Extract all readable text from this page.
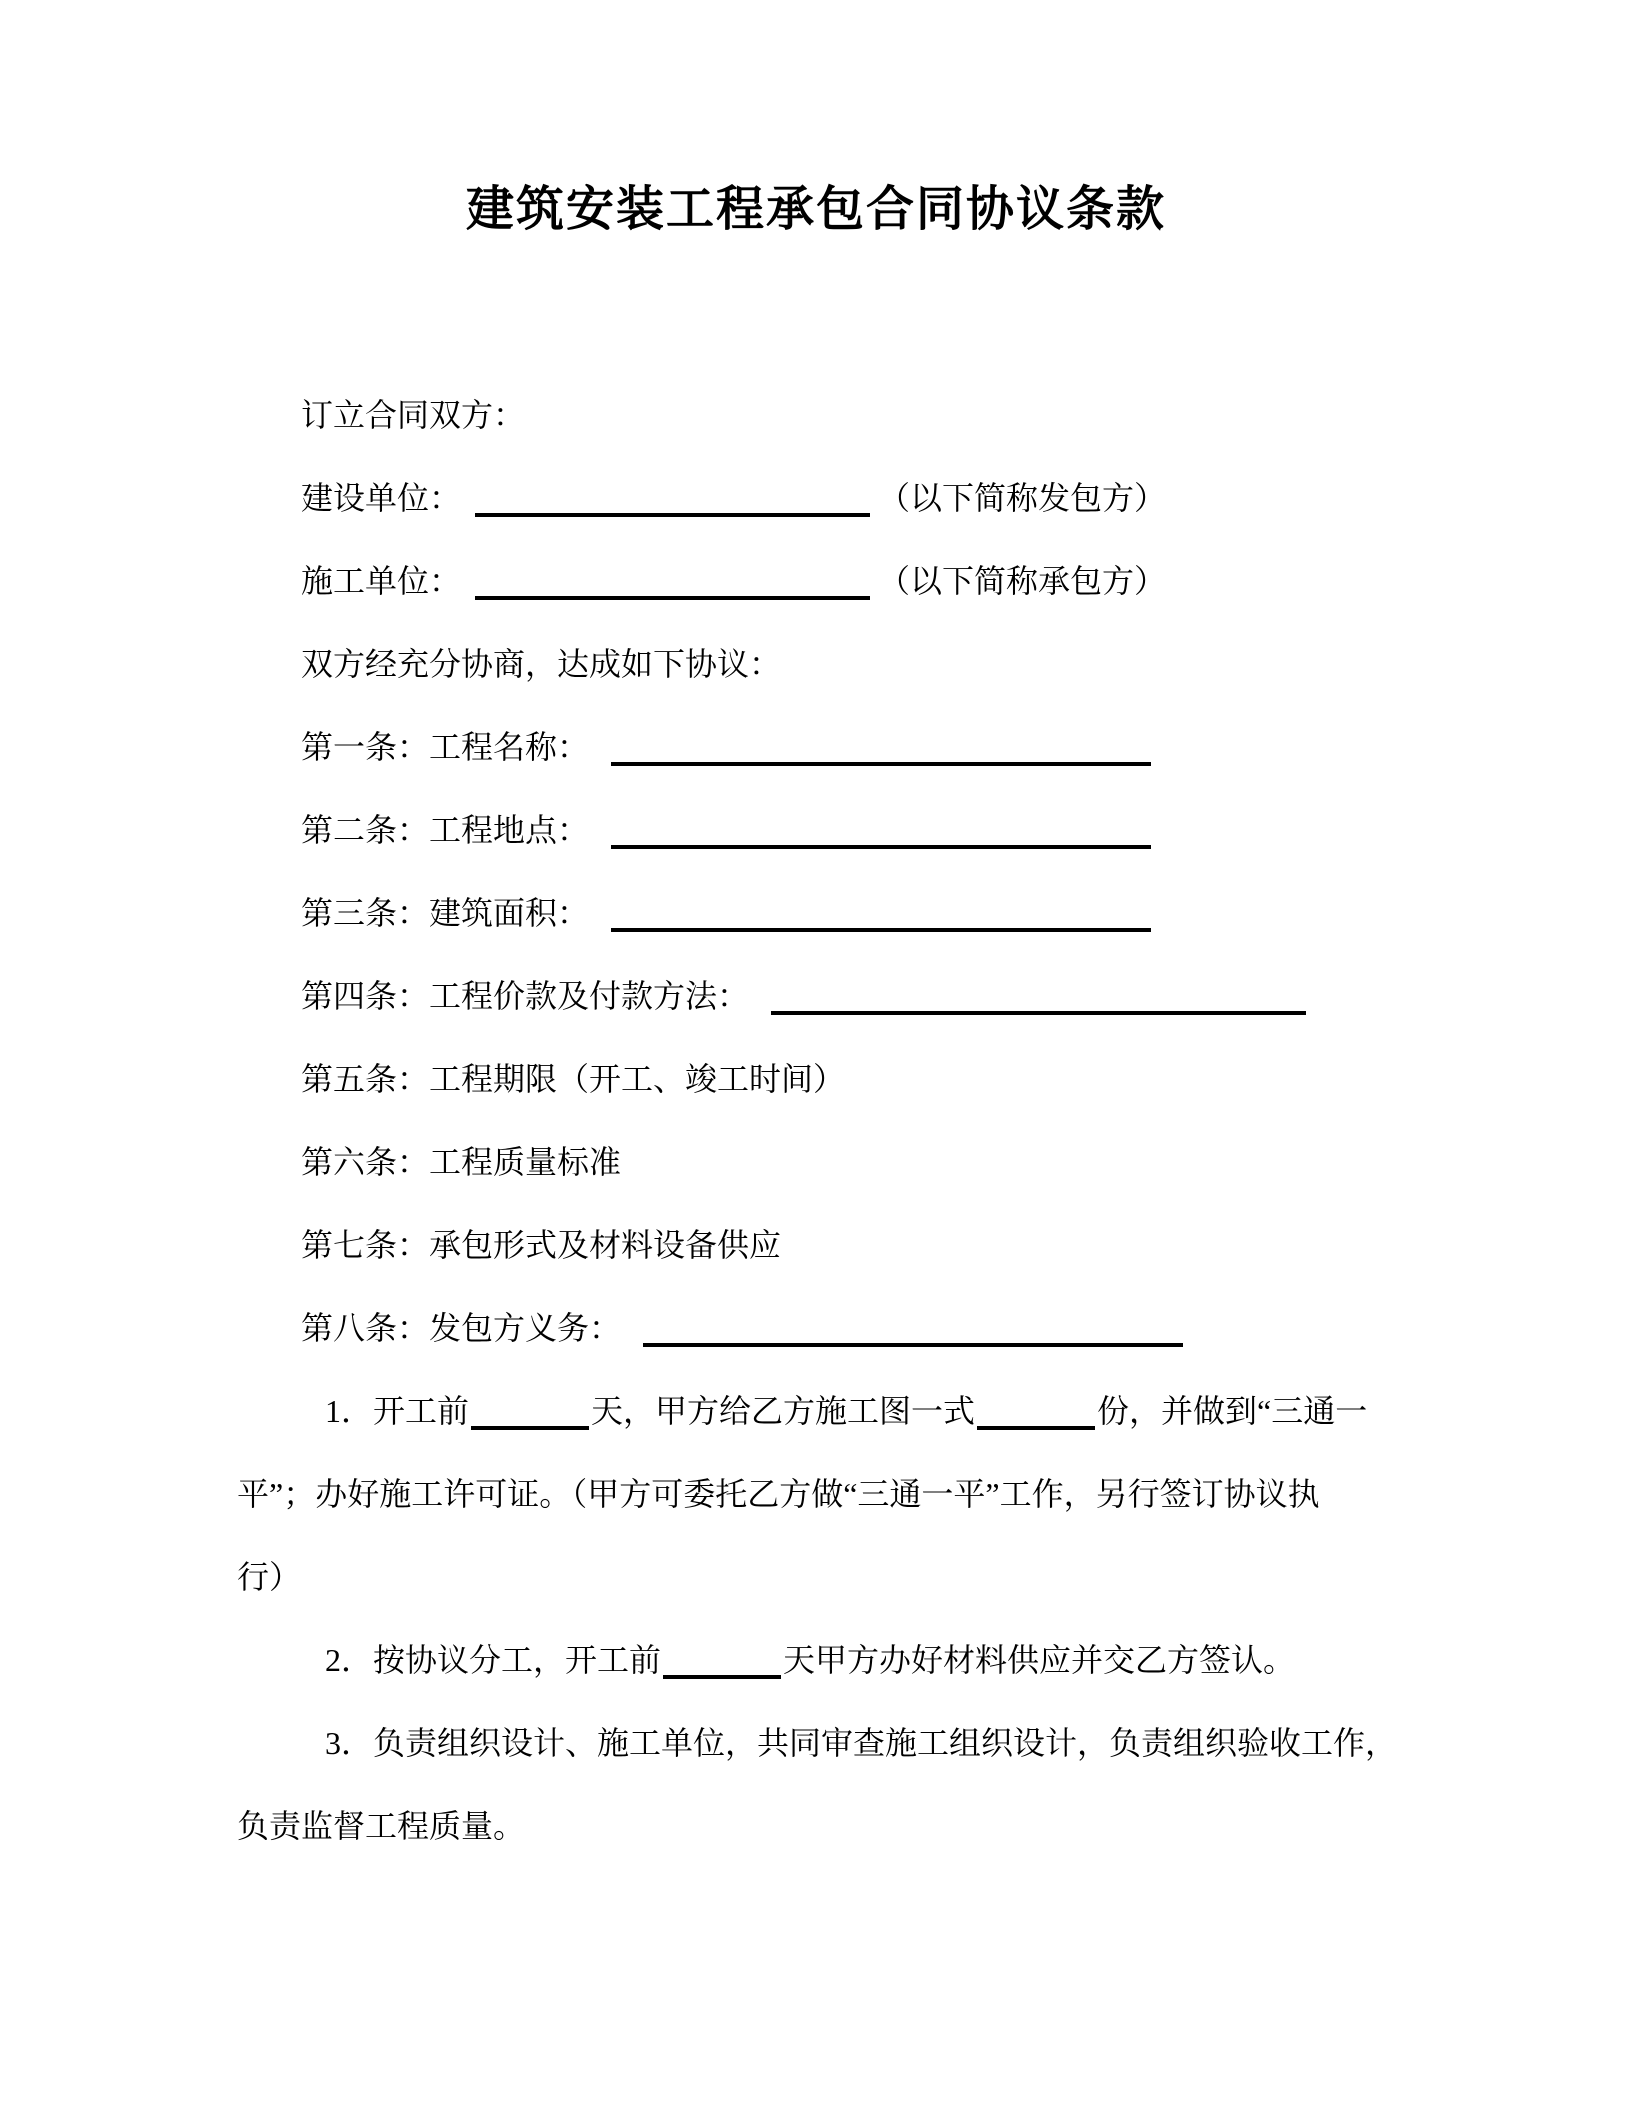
建筑安装工程承包合同协议条款

订立合同双方：

建设单位：	（以下简称发包方）

施工单位：	（以下简称承包方）

双方经充分协商，达成如下协议：

第一条：工程名称：

第二条：工程地点：

第三条：建筑面积：

第四条：工程价款及付款方法：

第五条：工程期限（开工、竣工时间）

第六条：工程质量标准

第七条：承包形式及材料设备供应

第八条：发包方义务：

1．开工前	天，甲方给乙方施工图一式	份，并做到“三通一

平”；办好施工许可证。（甲方可委托乙方做“三通一平”工作，另行签订协议执

行）

2．按协议分工，开工前	天甲方办好材料供应并交乙方签认。

3．负责组织设计、施工单位，共同审查施工组织设计，负责组织验收工作，

负责监督工程质量。
